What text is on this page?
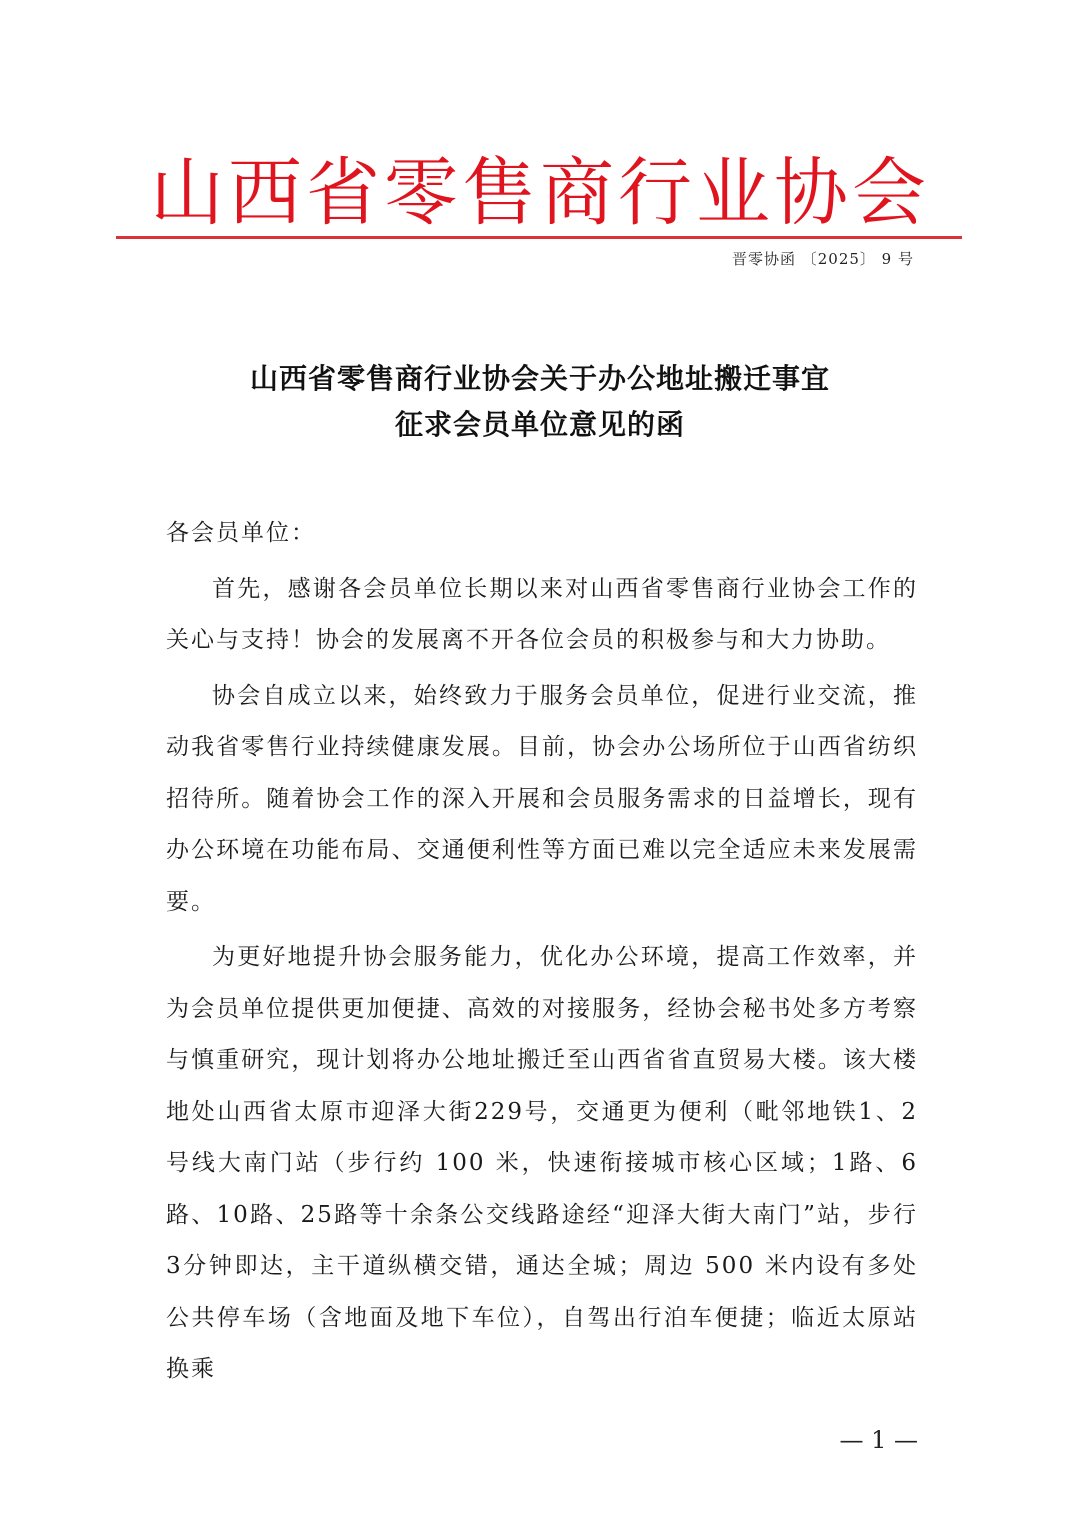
山西省零售商行业协会
晋零协函 〔2025〕 9 号
山西省零售商行业协会关于办公地址搬迁事宜
征求会员单位意见的函

各会员单位：

首先，感谢各会员单位长期以来对山西省零售商行业协会工作的关心与支持！协会的发展离不开各位会员的积极参与和大力协助。

协会自成立以来，始终致力于服务会员单位，促进行业交流，推动我省零售行业持续健康发展。目前，协会办公场所位于山西省纺织招待所。随着协会工作的深入开展和会员服务需求的日益增长，现有办公环境在功能布局、交通便利性等方面已难以完全适应未来发展需要。

为更好地提升协会服务能力，优化办公环境，提高工作效率，并为会员单位提供更加便捷、高效的对接服务，经协会秘书处多方考察与慎重研究，现计划将办公地址搬迁至山西省省直贸易大楼。该大楼地处山西省太原市迎泽大街229号，交通更为便利（毗邻地铁1、2号线大南门站（步行约 100 米，快速衔接城市核心区域；1路、6路、10路、25路等十余条公交线路途经“迎泽大街大南门”站，步行3分钟即达，主干道纵横交错，通达全城；周边 500 米内设有多处公共停车场（含地面及地下车位），自驾出行泊车便捷；临近太原站换乘

— 1 —
